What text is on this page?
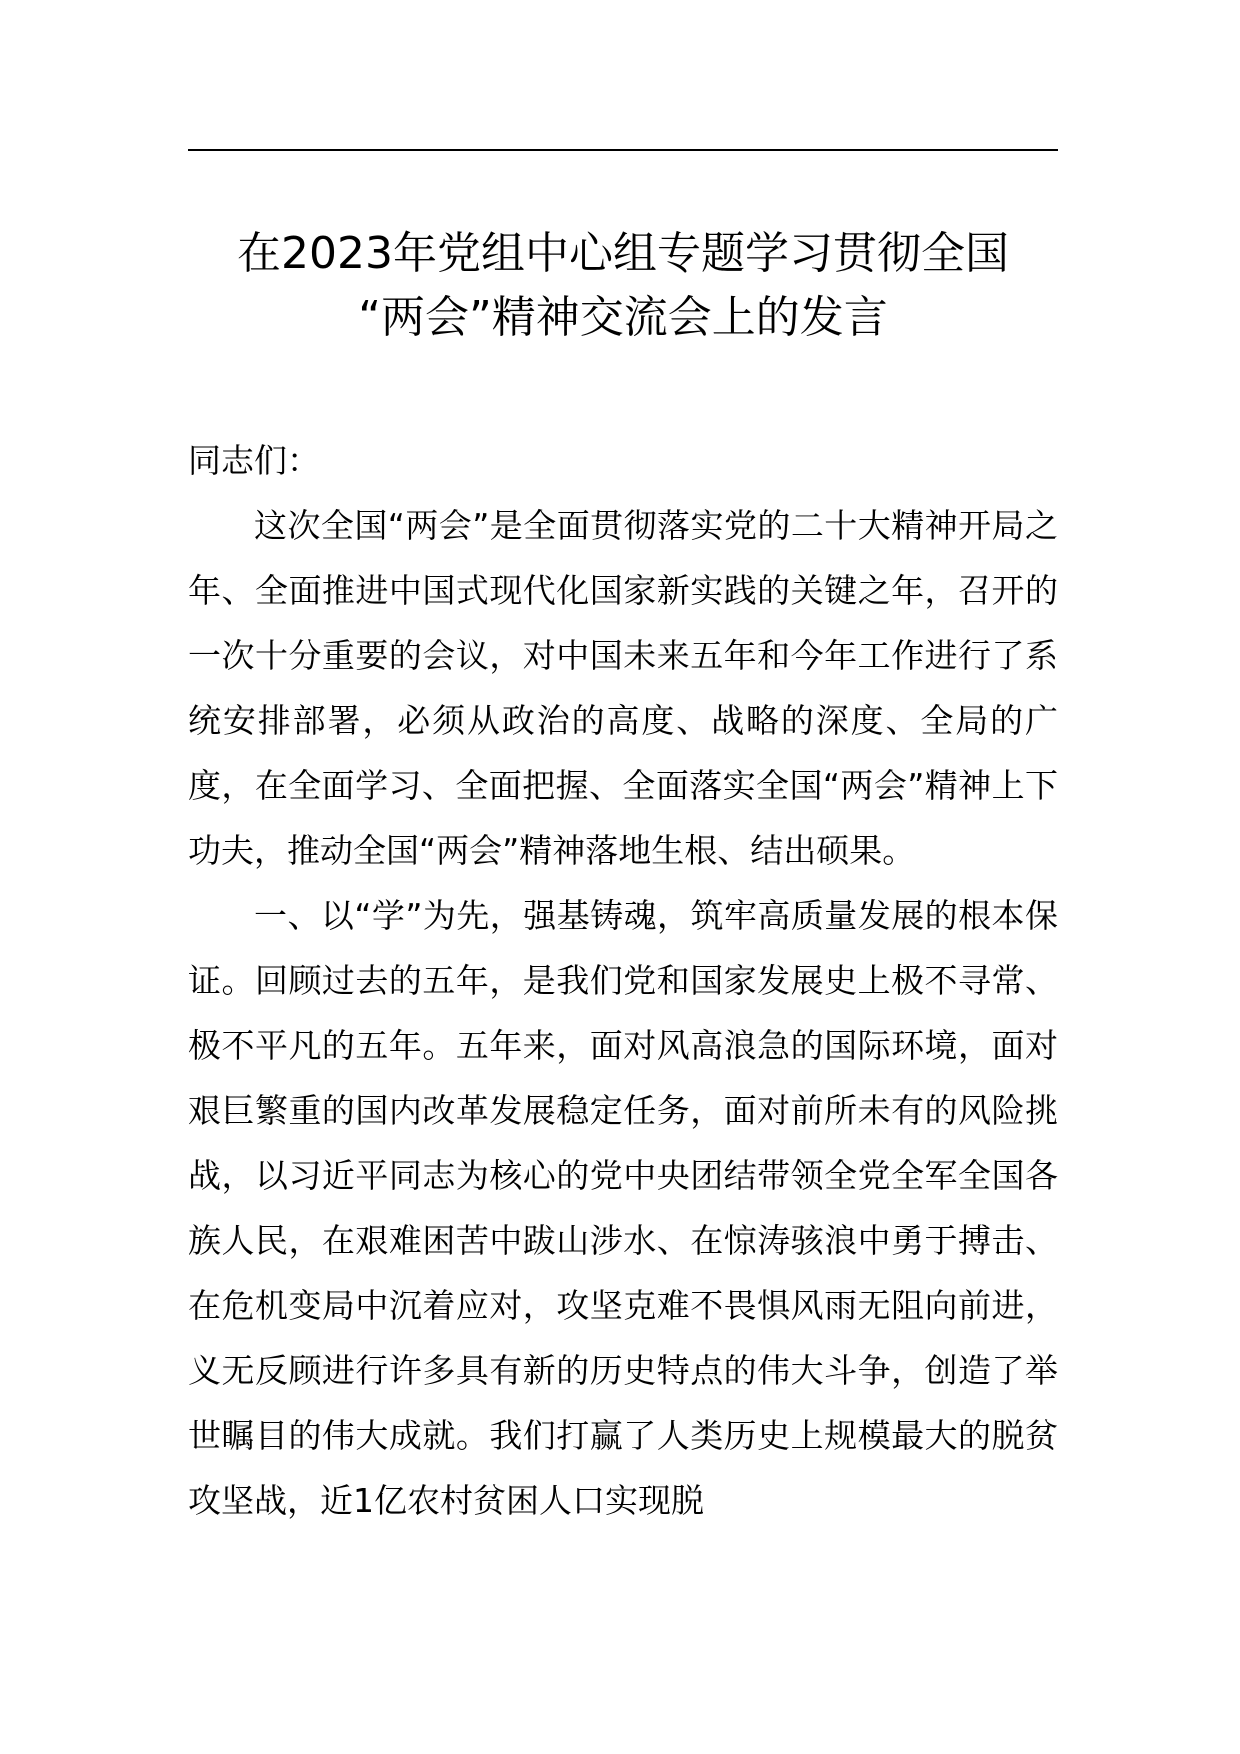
在2023年党组中心组专题学习贯彻全国
“两会”精神交流会上的发言

同志们：

这次全国“两会”是全面贯彻落实党的二十大精神开局之年、全面推进中国式现代化国家新实践的关键之年，召开的一次十分重要的会议，对中国未来五年和今年工作进行了系统安排部署，必须从政治的高度、战略的深度、全局的广度，在全面学习、全面把握、全面落实全国“两会”精神上下功夫，推动全国“两会”精神落地生根、结出硕果。

一、以“学”为先，强基铸魂，筑牢高质量发展的根本保证。回顾过去的五年，是我们党和国家发展史上极不寻常、极不平凡的五年。五年来，面对风高浪急的国际环境，面对艰巨繁重的国内改革发展稳定任务，面对前所未有的风险挑战，以习近平同志为核心的党中央团结带领全党全军全国各族人民，在艰难困苦中跋山涉水、在惊涛骇浪中勇于搏击、在危机变局中沉着应对，攻坚克难不畏惧风雨无阻向前进，义无反顾进行许多具有新的历史特点的伟大斗争，创造了举世瞩目的伟大成就。我们打赢了人类历史上规模最大的脱贫攻坚战，近1亿农村贫困人口实现脱
